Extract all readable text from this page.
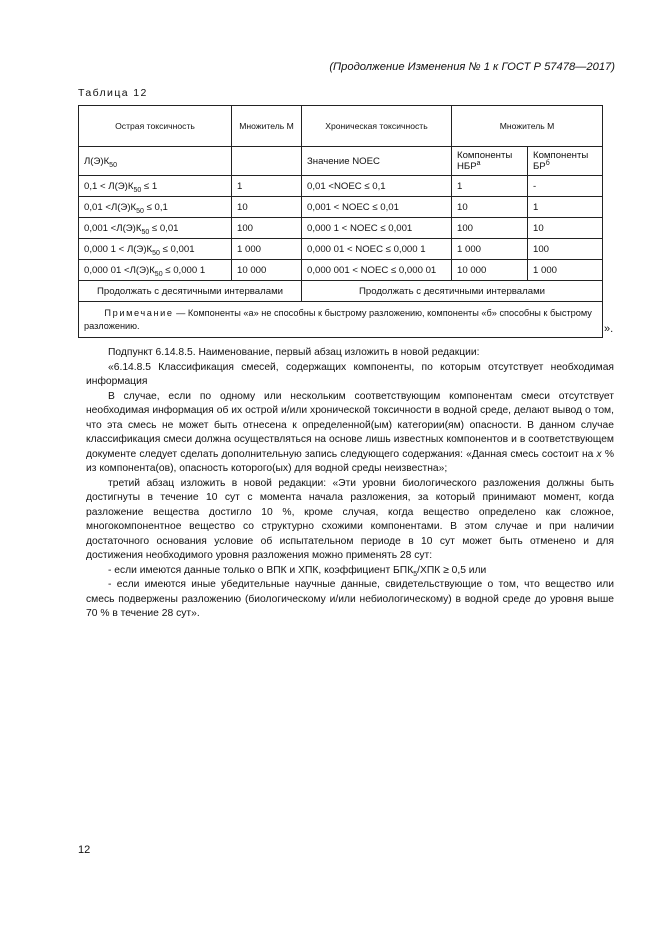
(Продолжение Изменения № 1 к ГОСТ Р 57478—2017)
Таблица 12
Острая токсичность	Множитель М	Хроническая токсичность	Множитель М	
$Л(Э)К_{50}$		Значение NOEC	Компоненты $НБР^а$	Компоненты $БР^б$

$0,1 < Л(Э)К_{50} \le 1$	1	0,01 <NOEC ≤ 0,1	1	-
$0,01 <Л(Э)К_{50} \le 0,1$	10	0,001 < NOEC ≤ 0,01	10	1
$0,001 <Л(Э)К_{50} \le 0,01$	100	0,000 1 < NOEC ≤ 0,001	100	10
0,000 $1 < Л(Э)К_{50} \le 0,001$	1 000	0,000 01 < NOEC ≤ 0,000 1	1 000	100
0,000 $01 <Л(Э)К_{50} \le 0,000$ 1	10 000	0,000 001 < NOEC ≤ 0,000 01	10 000	1 000
Продолжать с десятичными интервалами		Продолжать с десятичными интервалами		
Примечание — Компоненты «а» не способны к быстрому разложению, компоненты «б» способны к быстрому разложению.					».

Подпункт 6.14.8.5. Наименование, первый абзац изложить в новой редакции:

«6.14.8.5 Классификация смесей, содержащих компоненты, по которым отсутствует необходимая информация

В случае, если по одному или нескольким соответствующим компонентам смеси отсутствует необходимая информация об их острой и/или хронической токсичности в водной среде, делают вывод о том, что эта смесь не может быть отнесена к определенной(ым) категории(ям) опасности. В данном случае классификация смеси должна осуществляться на основе лишь известных компонентов и в соответствующем документе следует сделать дополнительную запись следующего содержания: «Данная смесь состоит на x % из компонента(ов), опасность которого(ых) для водной среды неизвестна»;

третий абзац изложить в новой редакции: «Эти уровни биологического разложения должны быть достигнуты в течение 10 сут с момента начала разложения, за который принимают момент, когда разложение вещества достигло 10 %, кроме случая, когда вещество определено как сложное, многокомпонентное вещество со структурно схожими компонентами. В этом случае и при наличии достаточного основания условие об испытательном периоде в 10 сут может быть отменено и для достижения необходимого уровня разложения можно применять 28 сут:

- если имеются данные только о ВПК и ХПК, коэффициент $БПК_5$/ХПК ≥ 0,5 или

- если имеются иные убедительные научные данные, свидетельствующие о том, что вещество или смесь подвержены разложению (биологическому и/или небиологическому) в водной среде до уровня выше 70 % в течение 28 сут».

12
